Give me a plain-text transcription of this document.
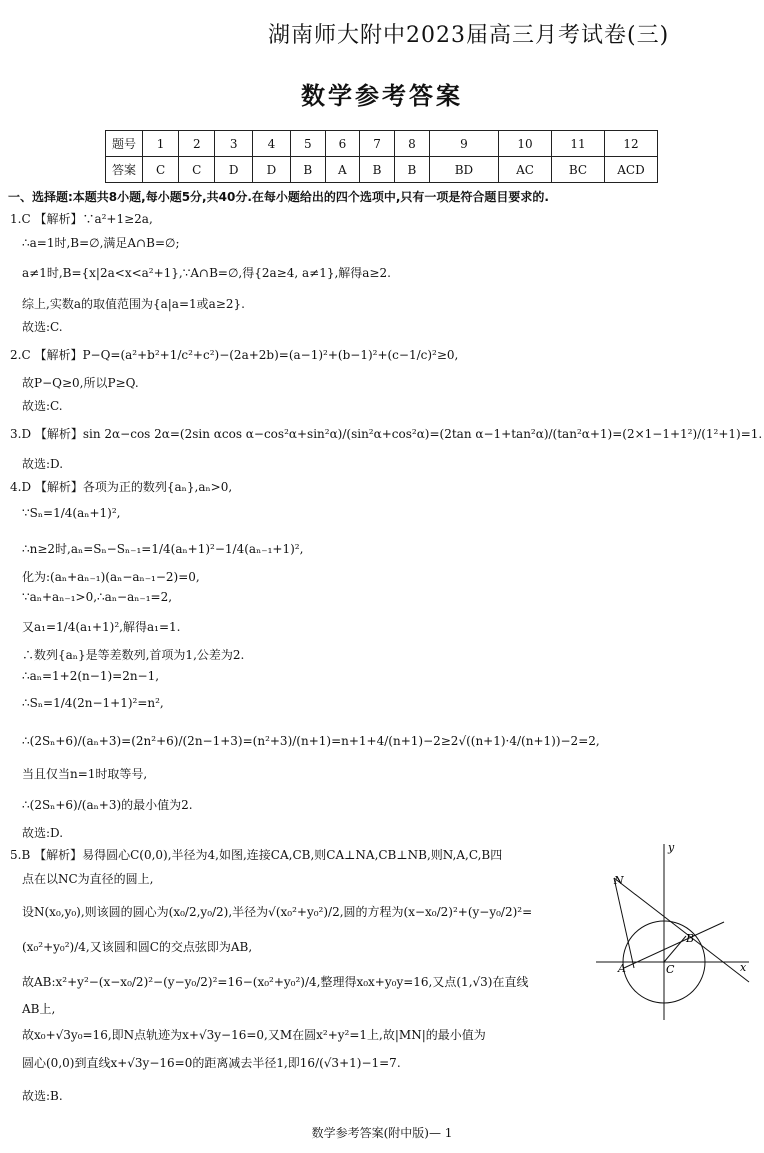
湖南师大附中2023届高三月考试卷(三)
数学参考答案
题号	1	2	3	4	5	6	7	8	9	10	11	12
答案	C	C	D	D	B	A	B	B	BD	AC	BC	ACD
一、选择题:本题共8小题,每小题5分,共40分.在每小题给出的四个选项中,只有一项是符合题目要求的.
1.C 【解析】∵a²+1≥2a,
∴a=1时,B=∅,满足A∩B=∅;
a≠1时,B={x|2a<x<a²+1},∵A∩B=∅,得{2a≥4, a≠1},解得a≥2.
综上,实数a的取值范围为{a|a=1或a≥2}.
故选:C.
2.C 【解析】P−Q=(a²+b²+1/c²+c²)−(2a+2b)=(a−1)²+(b−1)²+(c−1/c)²≥0,
故P−Q≥0,所以P≥Q.
故选:C.
3.D 【解析】sin 2α−cos 2α=(2sin αcos α−cos²α+sin²α)/(sin²α+cos²α)=(2tan α−1+tan²α)/(tan²α+1)=(2×1−1+1²)/(1²+1)=1.
故选:D.
4.D 【解析】各项为正的数列{aₙ},aₙ>0,
∵Sₙ=1/4(aₙ+1)²,
∴n≥2时,aₙ=Sₙ−Sₙ₋₁=1/4(aₙ+1)²−1/4(aₙ₋₁+1)²,
化为:(aₙ+aₙ₋₁)(aₙ−aₙ₋₁−2)=0,
∵aₙ+aₙ₋₁>0,∴aₙ−aₙ₋₁=2,
又a₁=1/4(a₁+1)²,解得a₁=1.
∴数列{aₙ}是等差数列,首项为1,公差为2.
∴aₙ=1+2(n−1)=2n−1,
∴Sₙ=1/4(2n−1+1)²=n²,
∴(2Sₙ+6)/(aₙ+3)=(2n²+6)/(2n−1+3)=(n²+3)/(n+1)=n+1+4/(n+1)−2≥2√((n+1)·4/(n+1))−2=2,
当且仅当n=1时取等号,
∴(2Sₙ+6)/(aₙ+3)的最小值为2.
故选:D.
5.B 【解析】易得圆心C(0,0),半径为4,如图,连接CA,CB,则CA⊥NA,CB⊥NB,则N,A,C,B四
点在以NC为直径的圆上,
设N(x₀,y₀),则该圆的圆心为(x₀/2,y₀/2),半径为√(x₀²+y₀²)/2,圆的方程为(x−x₀/2)²+(y−y₀/2)²=
(x₀²+y₀²)/4,又该圆和圆C的交点弦即为AB,
故AB:x²+y²−(x−x₀/2)²−(y−y₀/2)²=16−(x₀²+y₀²)/4,整理得x₀x+y₀y=16,又点(1,√3)在直线
AB上,
故x₀+√3y₀=16,即N点轨迹为x+√3y−16=0,又M在圆x²+y²=1上,故|MN|的最小值为
圆心(0,0)到直线x+√3y−16=0的距离减去半径1,即16/(√3+1)−1=7.
故选:B.
N
B
A	C	x
y
数学参考答案(附中版)— 1
